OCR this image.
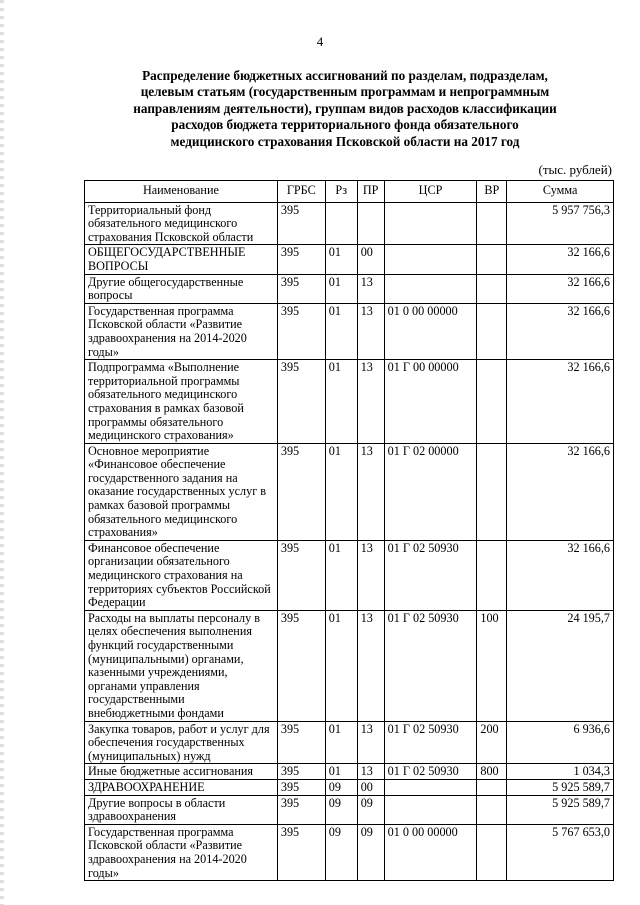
4
Распределение бюджетных ассигнований по разделам, подразделам,
целевым статьям (государственным программам и непрограммным
направлениям деятельности), группам видов расходов классификации
расходов бюджета территориального фонда обязательного
медицинского страхования Псковской области на 2017 год
(тыс. рублей)
Наименование	ГРБС	Рз	ПР	ЦСР	ВР	Сумма
Территориальный фонд обязательного медицинского страхования Псковской области	395					5 957 756,3
ОБЩЕГОСУДАРСТВЕННЫЕ ВОПРОСЫ	395	01	00			32 166,6
Другие общегосударственные вопросы	395	01	13			32 166,6
Государственная программа Псковской области «Развитие здравоохранения на 2014-2020 годы»	395	01	13	01 0 00 00000		32 166,6
Подпрограмма «Выполнение территориальной программы обязательного медицинского страхования в рамках базовой программы обязательного медицинского страхования»	395	01	13	01 Г 00 00000		32 166,6
Основное мероприятие «Финансовое обеспечение государственного задания на оказание государственных услуг в рамках базовой программы обязательного медицинского страхования»	395	01	13	01 Г 02 00000		32 166,6
Финансовое обеспечение организации обязательного медицинского страхования на территориях субъектов Российской Федерации	395	01	13	01 Г 02 50930		32 166,6
Расходы на выплаты персоналу в целях обеспечения выполнения функций государственными (муниципальными) органами, казенными учреждениями, органами управления государственными внебюджетными фондами	395	01	13	01 Г 02 50930	100	24 195,7
Закупка товаров, работ и услуг для обеспечения государственных (муниципальных) нужд	395	01	13	01 Г 02 50930	200	6 936,6
Иные бюджетные ассигнования	395	01	13	01 Г 02 50930	800	1 034,3
ЗДРАВООХРАНЕНИЕ	395	09	00			5 925 589,7
Другие вопросы в области здравоохранения	395	09	09			5 925 589,7
Государственная программа Псковской области «Развитие здравоохранения на 2014-2020 годы»	395	09	09	01 0 00 00000		5 767 653,0
